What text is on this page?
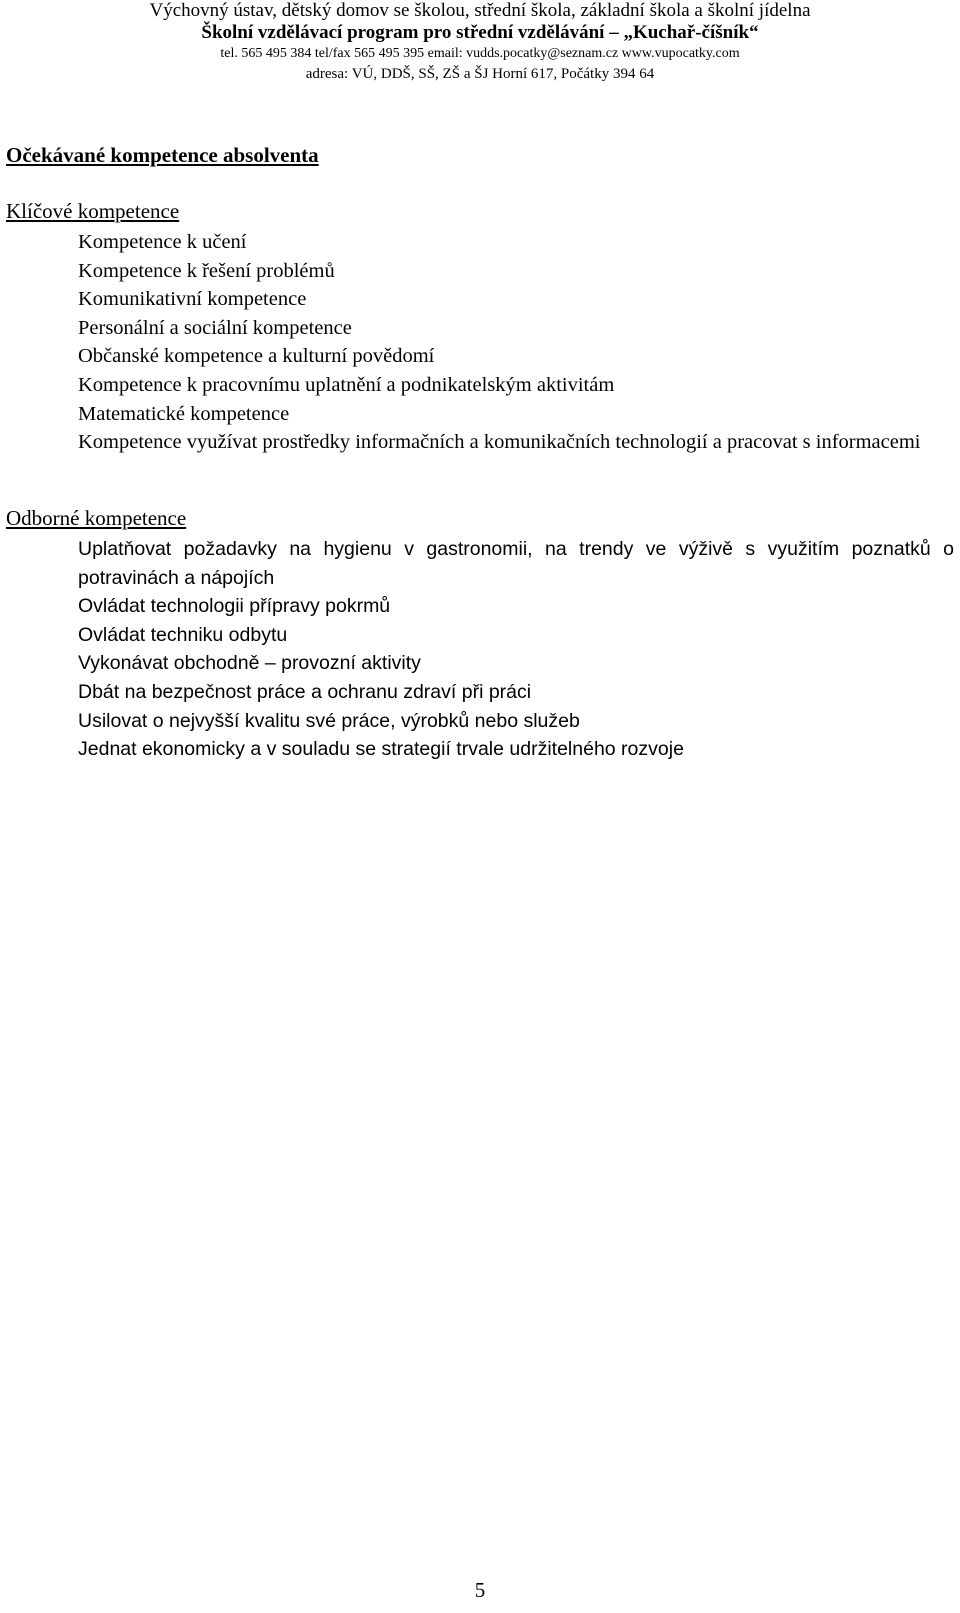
Výchovný ústav, dětský domov se školou, střední škola, základní škola a školní jídelna
Školní vzdělávací program pro střední vzdělávání – „Kuchař-číšník“
tel. 565 495 384 tel/fax 565 495 395 email: vudds.pocatky@seznam.cz www.vupocatky.com
adresa: VÚ, DDŠ, SŠ, ZŠ a ŠJ Horní 617, Počátky 394 64
Očekávané kompetence absolventa
Klíčové kompetence
Kompetence k učení
Kompetence k řešení problémů
Komunikativní kompetence
Personální a sociální kompetence
Občanské kompetence a kulturní povědomí
Kompetence k pracovnímu uplatnění a podnikatelským aktivitám
Matematické kompetence
Kompetence využívat prostředky informačních a komunikačních technologií a pracovat s informacemi
Odborné kompetence
Uplatňovat požadavky na hygienu v gastronomii, na trendy ve výživě s využitím poznatků o potravinách a nápojích
Ovládat technologii přípravy pokrmů
Ovládat techniku odbytu
Vykonávat obchodně – provozní aktivity
Dbát na bezpečnost práce a ochranu zdraví při práci
Usilovat o nejvyšší kvalitu své práce, výrobků nebo služeb
Jednat ekonomicky a v souladu se strategií trvale udržitelného rozvoje
5
